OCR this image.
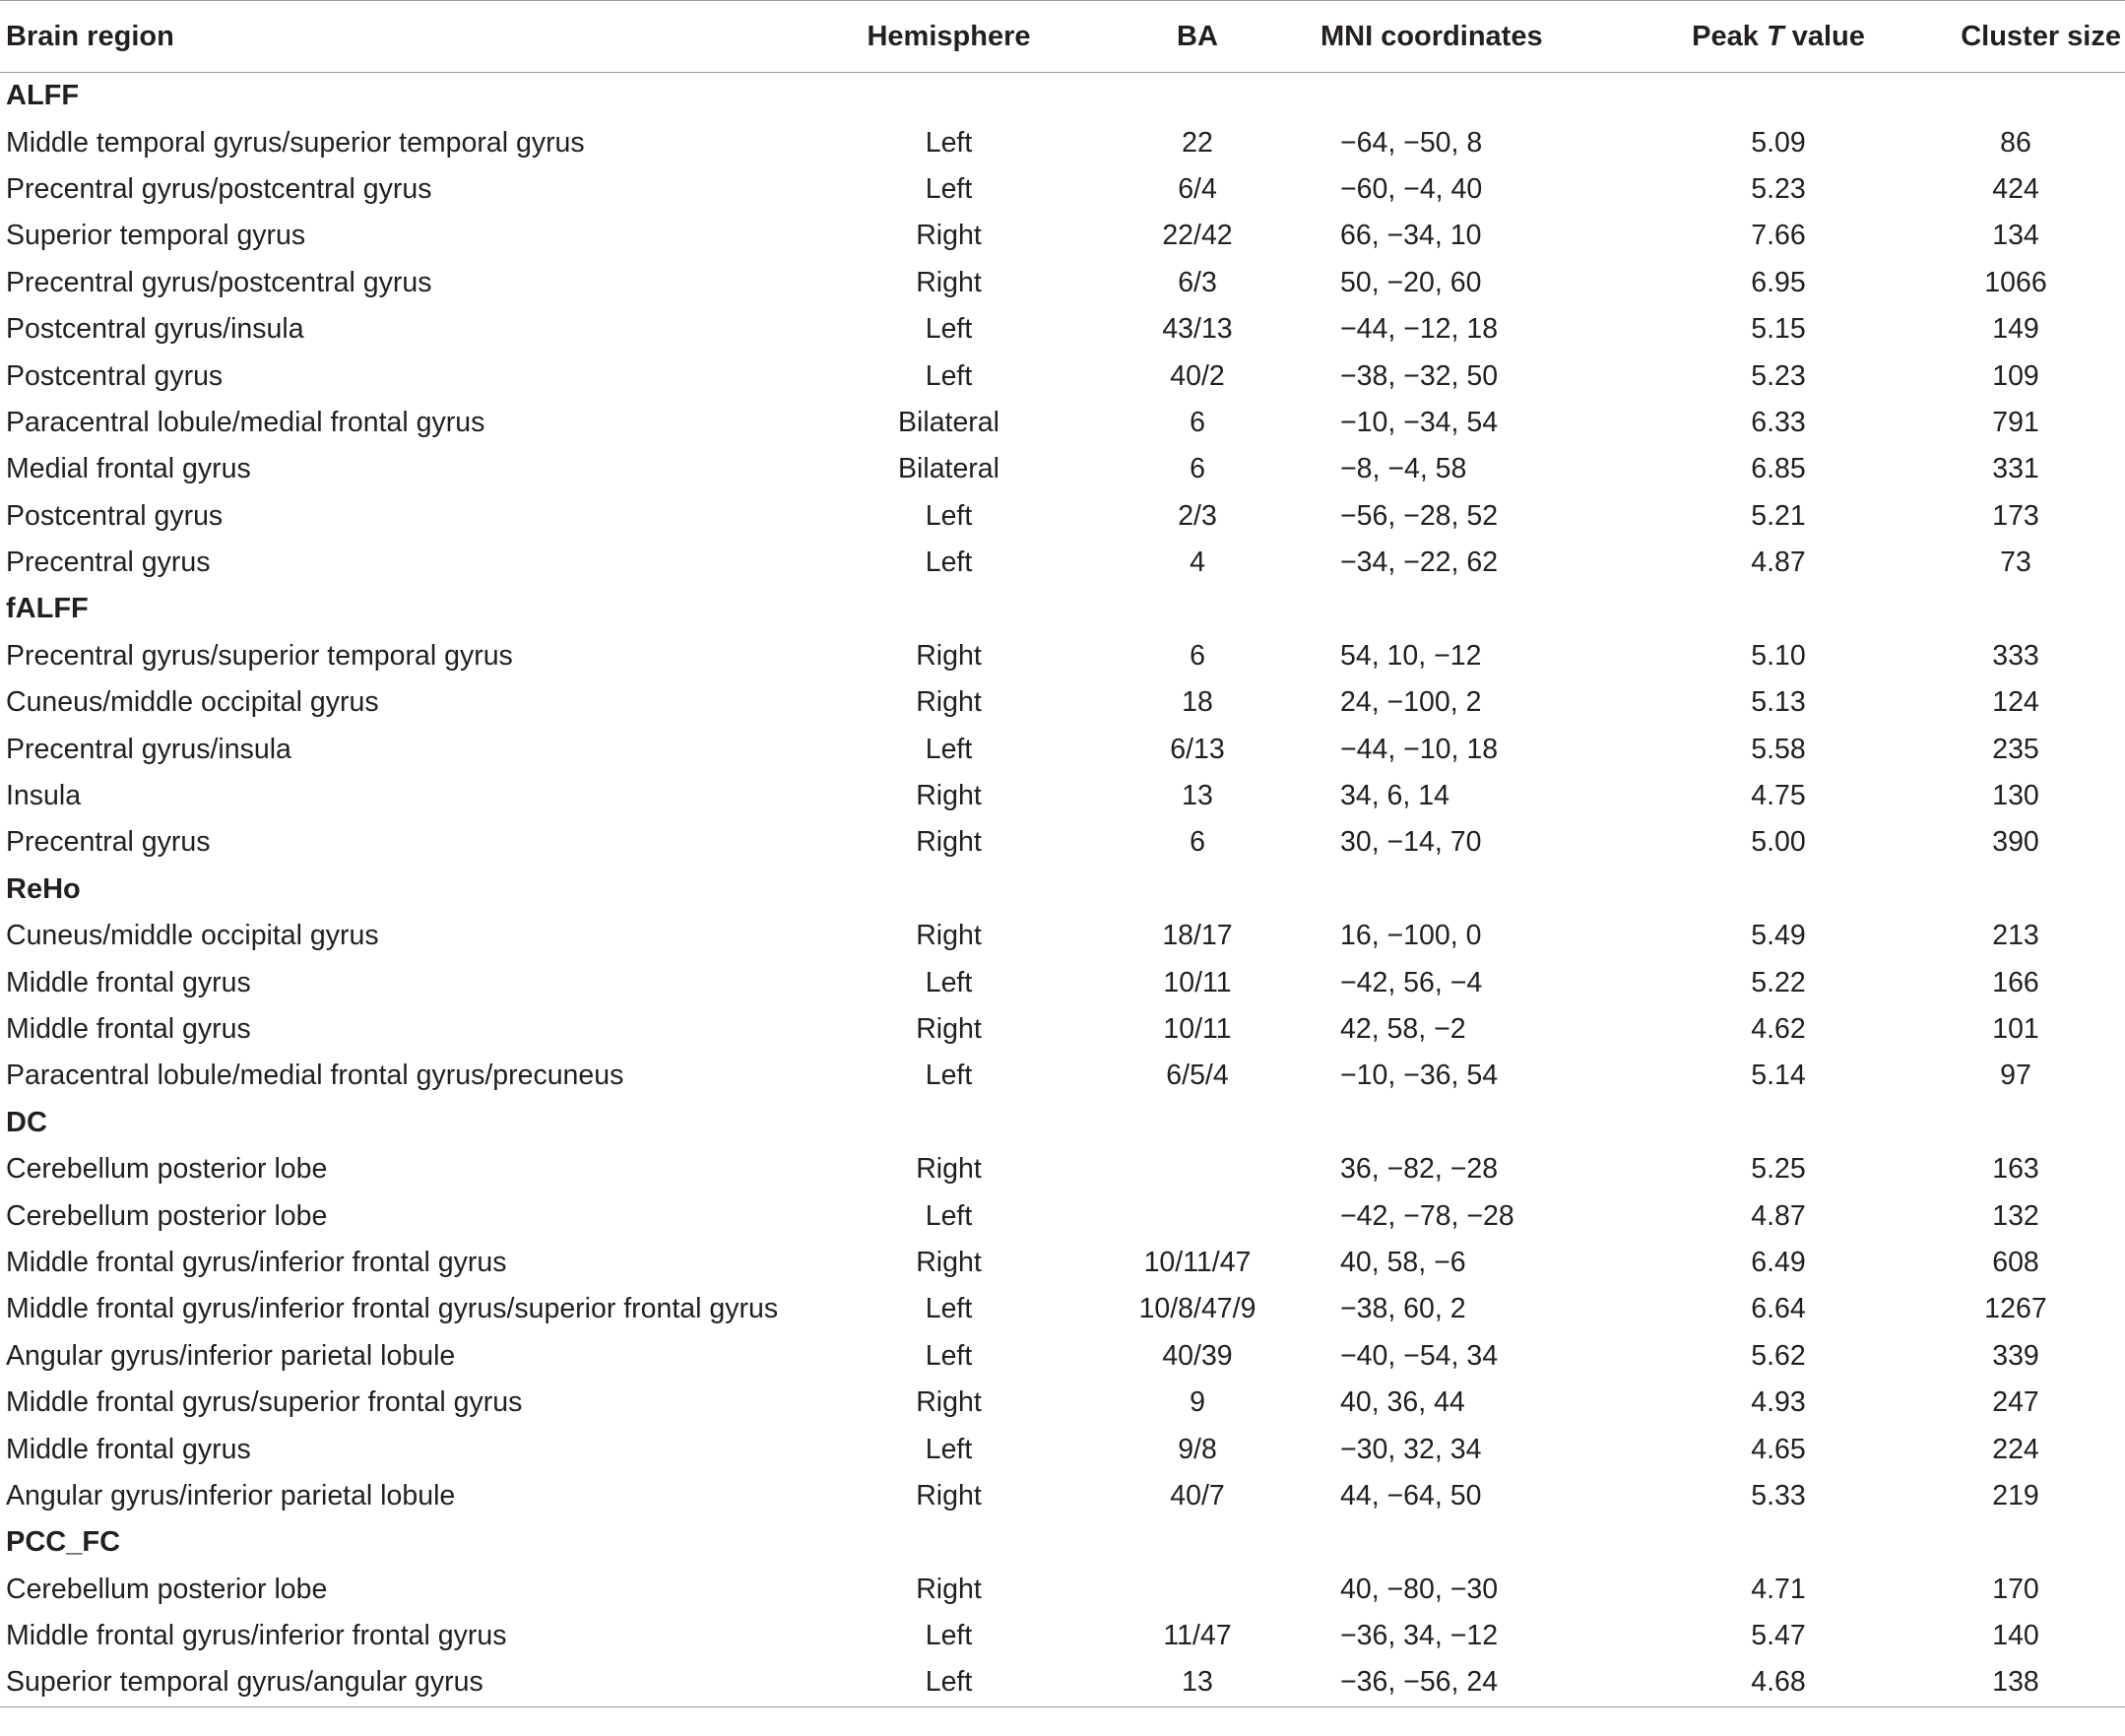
Brain region	Hemisphere	BA	MNI coordinates	Peak T value	Cluster size
ALFF					
Middle temporal gyrus/superior temporal gyrus	Left	22	−64, −50, 8	5.09	86
Precentral gyrus/postcentral gyrus	Left	6/4	−60, −4, 40	5.23	424
Superior temporal gyrus	Right	22/42	66, −34, 10	7.66	134
Precentral gyrus/postcentral gyrus	Right	6/3	50, −20, 60	6.95	1066
Postcentral gyrus/insula	Left	43/13	−44, −12, 18	5.15	149
Postcentral gyrus	Left	40/2	−38, −32, 50	5.23	109
Paracentral lobule/medial frontal gyrus	Bilateral	6	−10, −34, 54	6.33	791
Medial frontal gyrus	Bilateral	6	−8, −4, 58	6.85	331
Postcentral gyrus	Left	2/3	−56, −28, 52	5.21	173
Precentral gyrus	Left	4	−34, −22, 62	4.87	73
fALFF					
Precentral gyrus/superior temporal gyrus	Right	6	54, 10, −12	5.10	333
Cuneus/middle occipital gyrus	Right	18	24, −100, 2	5.13	124
Precentral gyrus/insula	Left	6/13	−44, −10, 18	5.58	235
Insula	Right	13	34, 6, 14	4.75	130
Precentral gyrus	Right	6	30, −14, 70	5.00	390
ReHo					
Cuneus/middle occipital gyrus	Right	18/17	16, −100, 0	5.49	213
Middle frontal gyrus	Left	10/11	−42, 56, −4	5.22	166
Middle frontal gyrus	Right	10/11	42, 58, −2	4.62	101
Paracentral lobule/medial frontal gyrus/precuneus	Left	6/5/4	−10, −36, 54	5.14	97
DC					
Cerebellum posterior lobe	Right		36, −82, −28	5.25	163
Cerebellum posterior lobe	Left		−42, −78, −28	4.87	132
Middle frontal gyrus/inferior frontal gyrus	Right	10/11/47	40, 58, −6	6.49	608
Middle frontal gyrus/inferior frontal gyrus/superior frontal gyrus	Left	10/8/47/9	−38, 60, 2	6.64	1267
Angular gyrus/inferior parietal lobule	Left	40/39	−40, −54, 34	5.62	339
Middle frontal gyrus/superior frontal gyrus	Right	9	40, 36, 44	4.93	247
Middle frontal gyrus	Left	9/8	−30, 32, 34	4.65	224
Angular gyrus/inferior parietal lobule	Right	40/7	44, −64, 50	5.33	219
PCC_FC					
Cerebellum posterior lobe	Right		40, −80, −30	4.71	170
Middle frontal gyrus/inferior frontal gyrus	Left	11/47	−36, 34, −12	5.47	140
Superior temporal gyrus/angular gyrus	Left	13	−36, −56, 24	4.68	138
